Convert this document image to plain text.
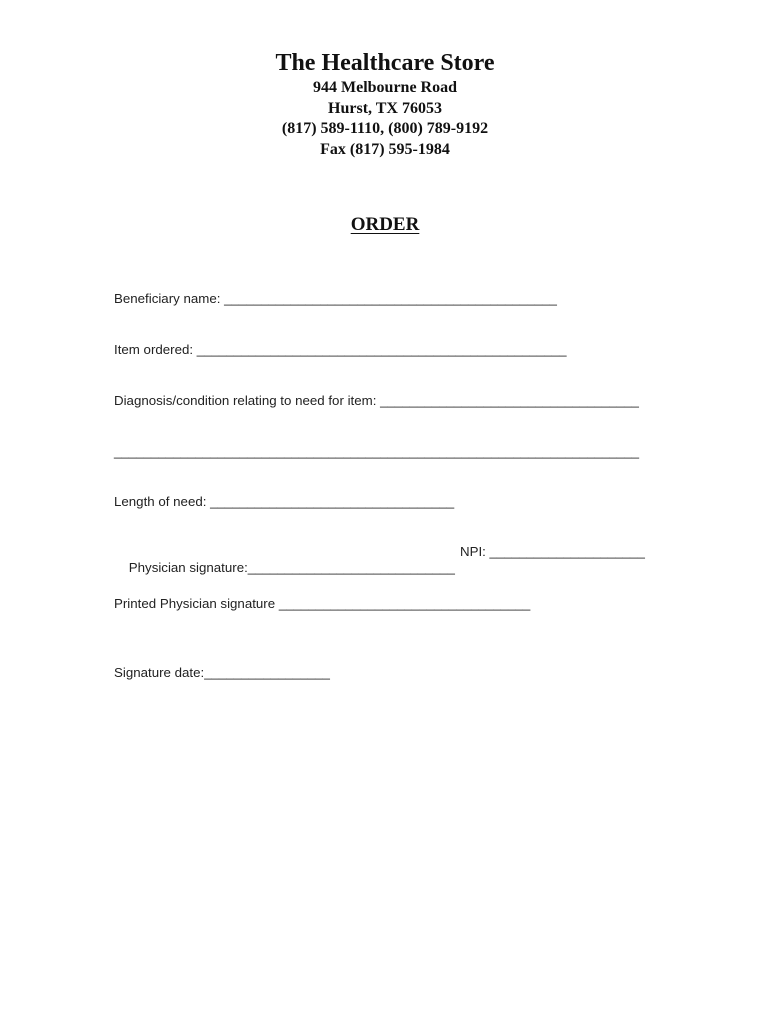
The Healthcare Store

944 Melbourne Road

Hurst, TX 76053

(817) 589-1110, (800) 789-9192

Fax (817) 595-1984

ORDER
Beneficiary name: _____________________________________________
Item ordered: __________________________________________________
Diagnosis/condition relating to need for item: ___________________________________
_______________________________________________________________________
Length of need: _________________________________

Physician signature:____________________________

NPI: _____________________

Printed Physician signature __________________________________
Signature date:_________________
